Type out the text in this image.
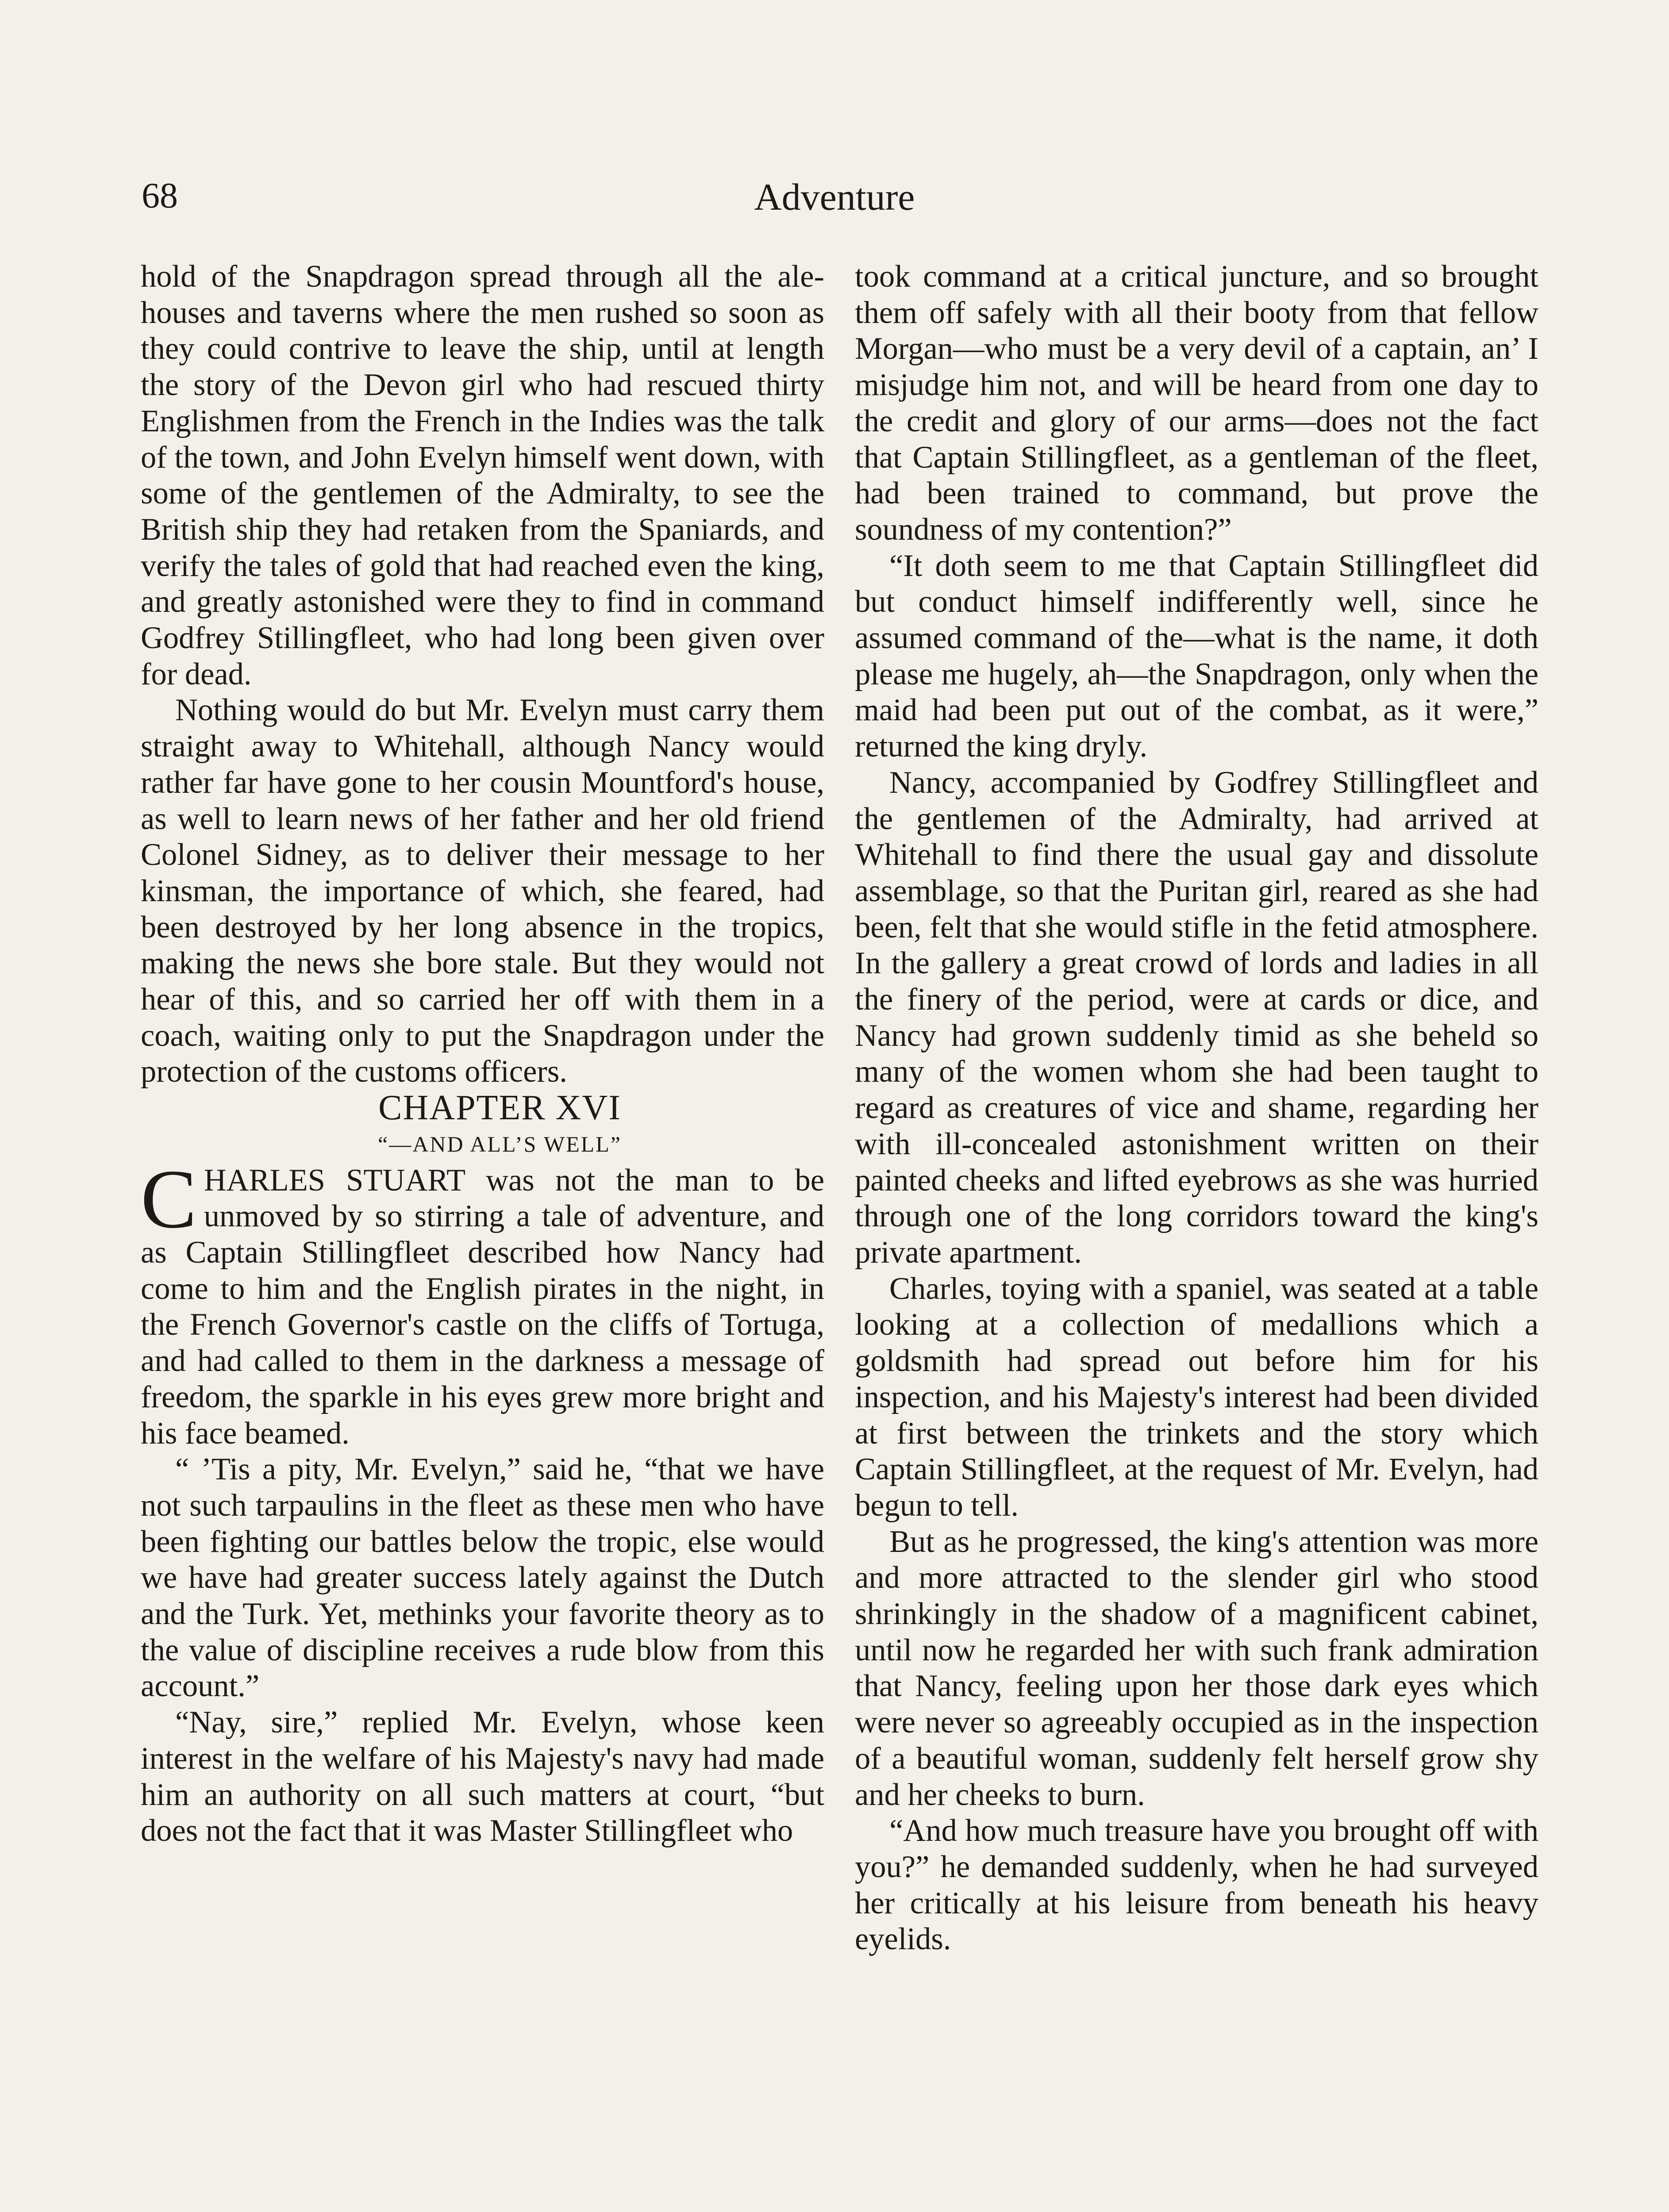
68	Adventure

hold of the Snapdragon spread through all the ale-houses and taverns where the men rushed so soon as they could contrive to leave the ship, until at length the story of the Devon girl who had rescued thirty Englishmen from the French in the Indies was the talk of the town, and John Evelyn himself went down, with some of the gentlemen of the Admiralty, to see the British ship they had retaken from the Spaniards, and verify the tales of gold that had reached even the king, and greatly astonished were they to find in command Godfrey Stillingfleet, who had long been given over for dead.

Nothing would do but Mr. Evelyn must carry them straight away to Whitehall, although Nancy would rather far have gone to her cousin Mountford's house, as well to learn news of her father and her old friend Colonel Sidney, as to deliver their message to her kinsman, the importance of which, she feared, had been destroyed by her long absence in the tropics, making the news she bore stale. But they would not hear of this, and so carried her off with them in a coach, waiting only to put the Snapdragon under the protection of the customs officers.

CHAPTER XVI

“—AND ALL’S WELL”

CHARLES STUART was not the man to be unmoved by so stirring a tale of adventure, and as Captain Stillingfleet described how Nancy had come to him and the English pirates in the night, in the French Governor's castle on the cliffs of Tortuga, and had called to them in the darkness a message of freedom, the sparkle in his eyes grew more bright and his face beamed.

“ ’Tis a pity, Mr. Evelyn,” said he, “that we have not such tarpaulins in the fleet as these men who have been fighting our battles below the tropic, else would we have had greater success lately against the Dutch and the Turk. Yet, methinks your favorite theory as to the value of discipline receives a rude blow from this account.”

“Nay, sire,” replied Mr. Evelyn, whose keen interest in the welfare of his Majesty's navy had made him an authority on all such matters at court, “but does not the fact that it was Master Stillingfleet who

took command at a critical juncture, and so brought them off safely with all their booty from that fellow Morgan—who must be a very devil of a captain, an’ I misjudge him not, and will be heard from one day to the credit and glory of our arms—does not the fact that Captain Stillingfleet, as a gentleman of the fleet, had been trained to command, but prove the soundness of my contention?”

“It doth seem to me that Captain Stillingfleet did but conduct himself indifferently well, since he assumed command of the—what is the name, it doth please me hugely, ah—the Snapdragon, only when the maid had been put out of the combat, as it were,” returned the king dryly.

Nancy, accompanied by Godfrey Stillingfleet and the gentlemen of the Admiralty, had arrived at Whitehall to find there the usual gay and dissolute assemblage, so that the Puritan girl, reared as she had been, felt that she would stifle in the fetid atmosphere. In the gallery a great crowd of lords and ladies in all the finery of the period, were at cards or dice, and Nancy had grown suddenly timid as she beheld so many of the women whom she had been taught to regard as creatures of vice and shame, regarding her with ill-concealed astonishment written on their painted cheeks and lifted eyebrows as she was hurried through one of the long corridors toward the king's private apartment.

Charles, toying with a spaniel, was seated at a table looking at a collection of medallions which a goldsmith had spread out before him for his inspection, and his Majesty's interest had been divided at first between the trinkets and the story which Captain Stillingfleet, at the request of Mr. Evelyn, had begun to tell.

But as he progressed, the king's attention was more and more attracted to the slender girl who stood shrinkingly in the shadow of a magnificent cabinet, until now he regarded her with such frank admiration that Nancy, feeling upon her those dark eyes which were never so agreeably occupied as in the inspection of a beautiful woman, suddenly felt herself grow shy and her cheeks to burn.

“And how much treasure have you brought off with you?” he demanded suddenly, when he had surveyed her critically at his leisure from beneath his heavy eyelids.
